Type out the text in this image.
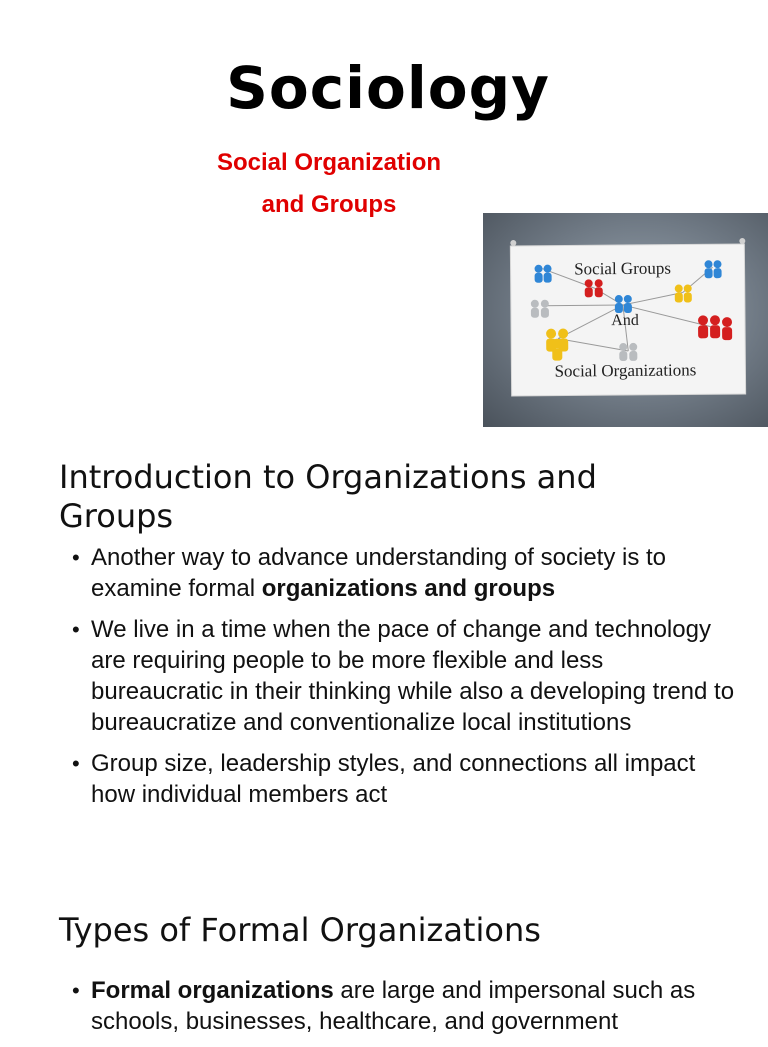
Sociology
Social Organization
and Groups
Social Groups
And
Social Organizations
Introduction to Organizations and Groups
• Another way to advance understanding of society is to examine formal organizations and groups
• We live in a time when the pace of change and technology are requiring people to be more flexible and less bureaucratic in their thinking while also a developing trend to bureaucratize and conventionalize local institutions
• Group size, leadership styles, and connections all impact how individual members act
Types of Formal Organizations
• Formal organizations are large and impersonal such as schools, businesses, healthcare, and government
